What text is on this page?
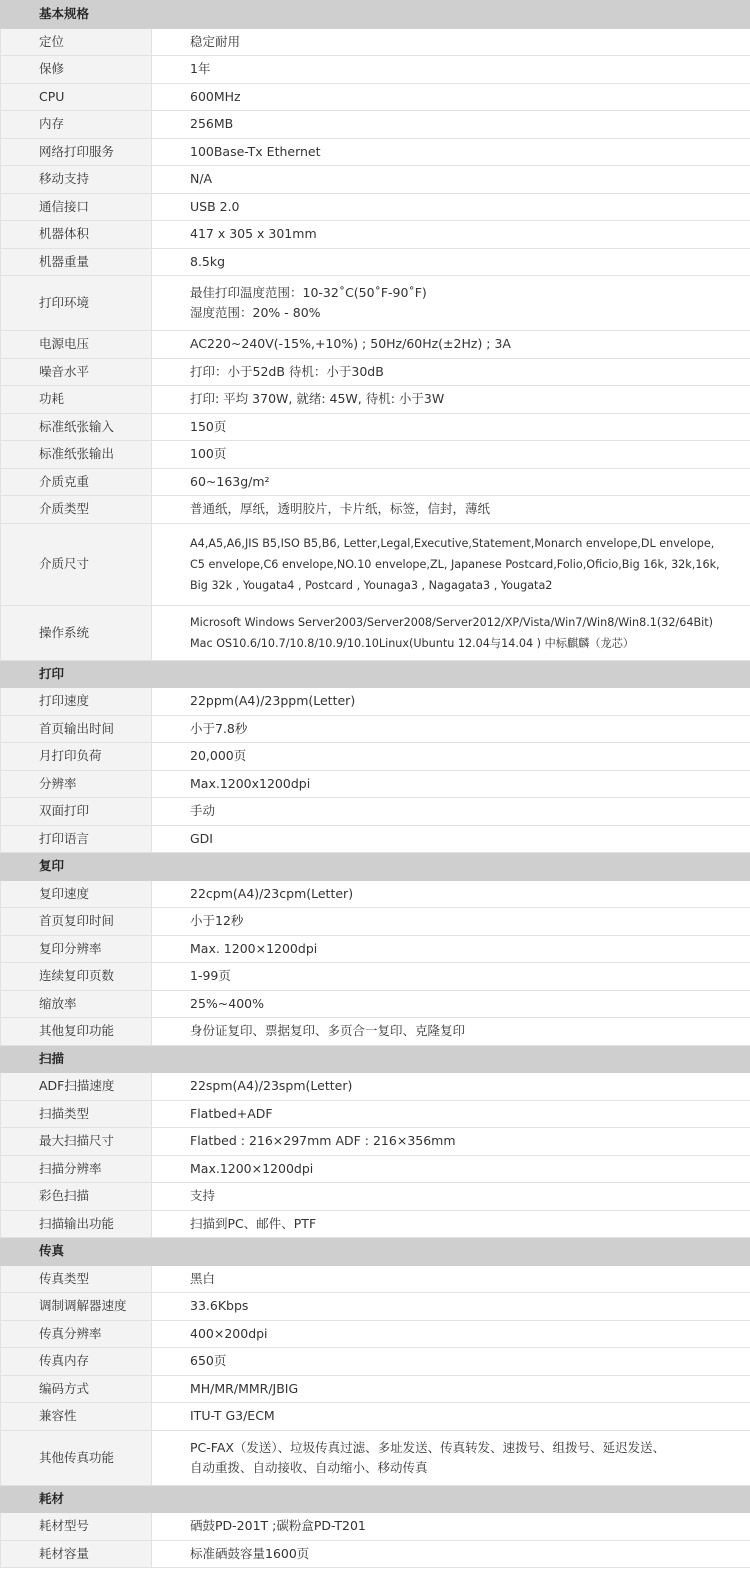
基本规格	
定位	稳定耐用

保修	1年

CPU	600MHz

内存	256MB

网络打印服务	100Base-Tx Ethernet

移动支持	N/A

通信接口	USB 2.0

机器体积	417 x 305 x 301mm

机器重量	8.5kg

打印环境	最佳打印温度范围：10-32˚C(50˚F-90˚F)
湿度范围：20% - 80%

电源电压	AC220~240V(-15%,+10%) ; 50Hz/60Hz(±2Hz) ; 3A

噪音水平	打印：小于52dB 待机：小于30dB

功耗	打印: 平均 370W, 就绪: 45W, 待机: 小于3W

标准纸张输入	150页

标准纸张输出	100页

介质克重	60~163g/m²

介质类型	普通纸，厚纸，透明胶片，卡片纸，标签，信封，薄纸

介质尺寸	A4,A5,A6,JIS B5,ISO B5,B6, Letter,Legal,Executive,Statement,Monarch envelope,DL envelope,
C5 envelope,C6 envelope,NO.10 envelope,ZL, Japanese Postcard,Folio,Oficio,Big 16k, 32k,16k,
Big 32k , Yougata4 , Postcard , Younaga3 , Nagagata3 , Yougata2

操作系统	Microsoft Windows Server2003/Server2008/Server2012/XP/Vista/Win7/Win8/Win8.1(32/64Bit)
Mac OS10.6/10.7/10.8/10.9/10.10Linux(Ubuntu 12.04与14.04 ) 中标麒麟（龙芯）

打印	
打印速度	22ppm(A4)/23ppm(Letter)

首页输出时间	小于7.8秒

月打印负荷	20,000页

分辨率	Max.1200x1200dpi

双面打印	手动

打印语言	GDI

复印	
复印速度	22cpm(A4)/23cpm(Letter)

首页复印时间	小于12秒

复印分辨率	Max. 1200×1200dpi

连续复印页数	1-99页

缩放率	25%~400%

其他复印功能	身份证复印、票据复印、多页合一复印、克隆复印

扫描	
ADF扫描速度	22spm(A4)/23spm(Letter)

扫描类型	Flatbed+ADF

最大扫描尺寸	Flatbed : 216×297mm ADF : 216×356mm

扫描分辨率	Max.1200×1200dpi

彩色扫描	支持

扫描输出功能	扫描到PC、邮件、PTF

传真	
传真类型	黑白

调制调解器速度	33.6Kbps

传真分辨率	400×200dpi

传真内存	650页

编码方式	MH/MR/MMR/JBIG

兼容性	ITU-T G3/ECM

其他传真功能	PC-FAX（发送）、垃圾传真过滤、多址发送、传真转发、速拨号、组拨号、延迟发送、
自动重拨、自动接收、自动缩小、移动传真

耗材	
耗材型号	硒鼓PD-201T ;碳粉盒PD-T201

耗材容量	标准硒鼓容量1600页
